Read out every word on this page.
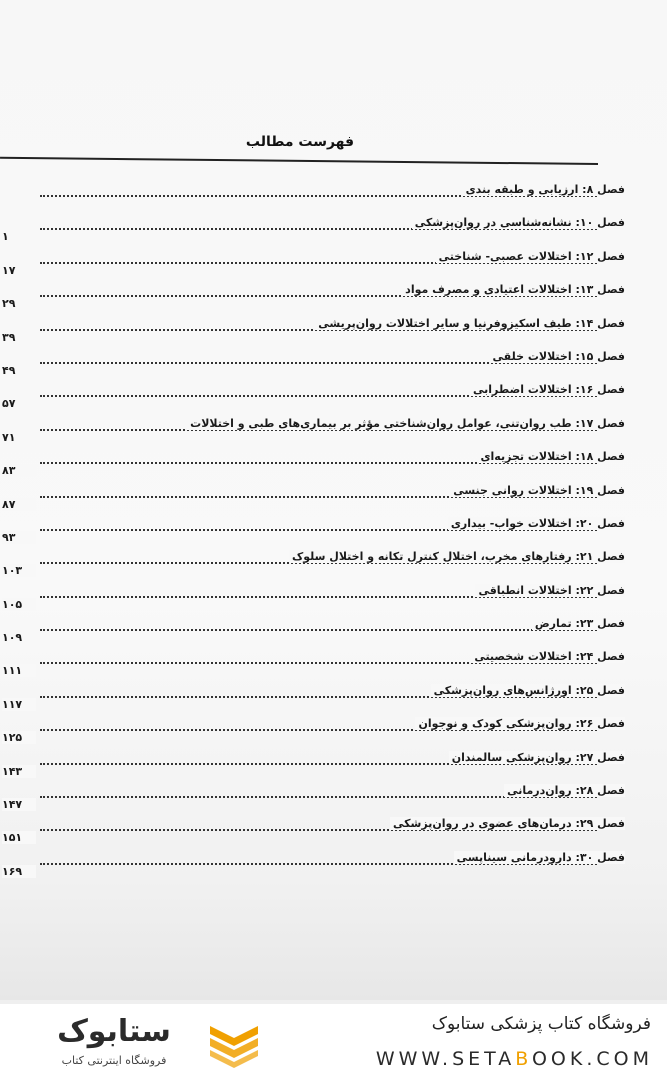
فهرست مطالب
فصل ۸: ارزیابی و طبقه بندی
فصل ۱۰: نشانه‌شناسی در روان‌پزشکی
۱
فصل ۱۲: اختلالات عصبی- شناختی
۱۷
فصل ۱۳: اختلالات اعتیادی و مصرف مواد
۲۹
فصل ۱۴: طیف اسکیزوفرنیا و سایر اختلالات روان‌پریشی
۳۹
فصل ۱۵: اختلالات خلقی
۴۹
فصل ۱۶: اختلالات اضطرابی
۵۷
فصل ۱۷: طب روان‌تنی، عوامل روان‌شناختی مؤثر بر بیماری‌های طبی و اختلالات
۷۱
فصل ۱۸: اختلالات تجزیه‌ای
۸۳
فصل ۱۹: اختلالات روانی جنسی
۸۷
فصل ۲۰: اختلالات خواب- بیداری
۹۳
فصل ۲۱: رفتارهای مخرب، اختلال کنترل تکانه و اختلال سلوک
۱۰۳
فصل ۲۲: اختلالات انطباقی
۱۰۵
فصل ۲۳: تمارض
۱۰۹
فصل ۲۴: اختلالات شخصیتی
۱۱۱
فصل ۲۵: اورژانس‌های روان‌پزشکی
۱۱۷
فصل ۲۶: روان‌پزشکی کودک و نوجوان
۱۲۵
فصل ۲۷: روان‌پزشکی سالمندان
۱۴۳
فصل ۲۸: روان‌درمانی
۱۴۷
فصل ۲۹: درمان‌های عضوی در روان‌پزشکی
۱۵۱
فصل ۳۰: دارودرمانی سیناپسی
۱۶۹
ستابوک
فروشگاه اینترنتی کتاب
فروشگاه کتاب پزشکی ستابوک
WWW.SETABOOK.COM
